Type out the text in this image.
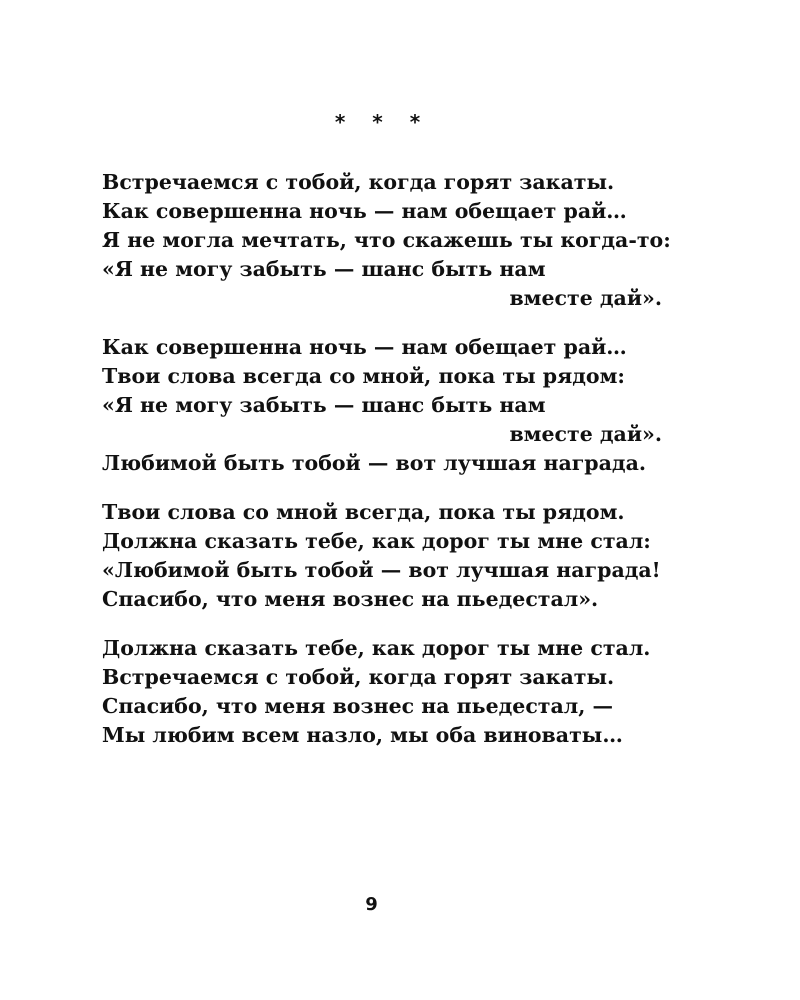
* * *
Встречаемся с тобой, когда горят закаты.
Как совершенна ночь — нам обещает рай…
Я не могла мечтать, что скажешь ты когда-то:
«Я не могу забыть — шанс быть нам
вместе дай».
Как совершенна ночь — нам обещает рай…
Твои слова всегда со мной, пока ты рядом:
«Я не могу забыть — шанс быть нам
вместе дай».
Любимой быть тобой — вот лучшая награда.
Твои слова со мной всегда, пока ты рядом.
Должна сказать тебе, как дорог ты мне стал:
«Любимой быть тобой — вот лучшая награда!
Спасибо, что меня вознес на пьедестал».
Должна сказать тебе, как дорог ты мне стал.
Встречаемся с тобой, когда горят закаты.
Спасибо, что меня вознес на пьедестал, —
Мы любим всем назло, мы оба виноваты…
9
